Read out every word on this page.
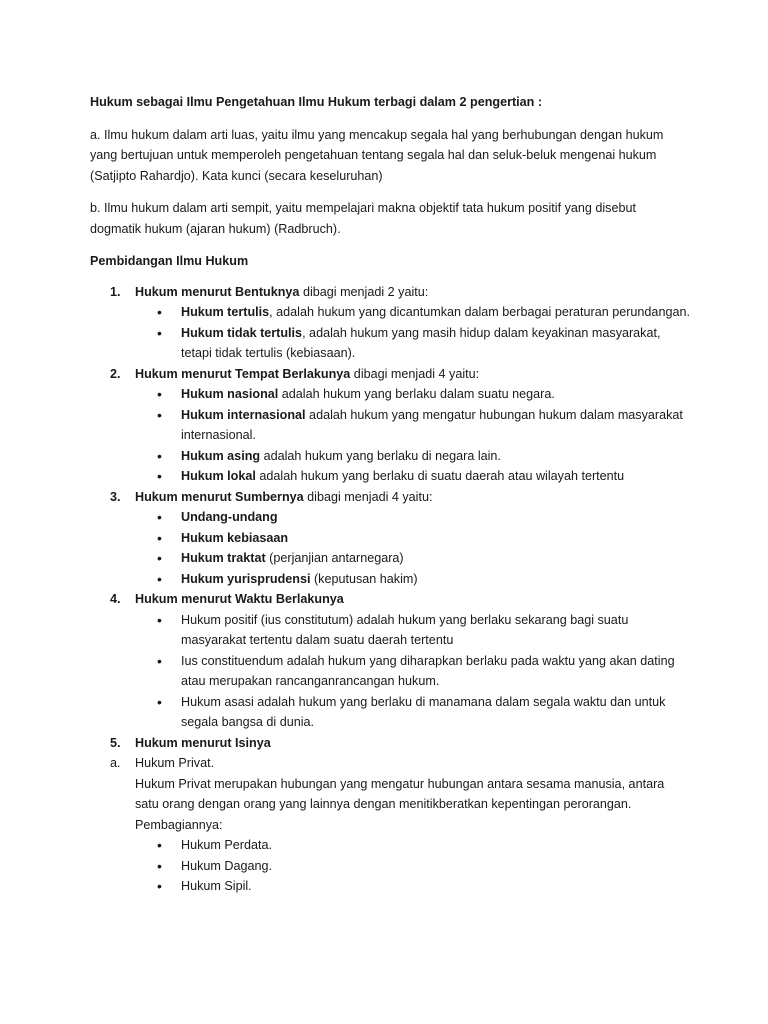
Hukum sebagai Ilmu Pengetahuan Ilmu Hukum terbagi dalam 2 pengertian :

a. Ilmu hukum dalam arti luas, yaitu ilmu yang mencakup segala hal yang berhubungan dengan hukum yang bertujuan untuk memperoleh pengetahuan tentang segala hal dan seluk-beluk mengenai hukum (Satjipto Rahardjo). Kata kunci (secara keseluruhan)

b. Ilmu hukum dalam arti sempit, yaitu mempelajari makna objektif tata hukum positif yang disebut dogmatik hukum (ajaran hukum) (Radbruch).

Pembidangan Ilmu Hukum

1. Hukum menurut Bentuknya dibagi menjadi 2 yaitu:
• Hukum tertulis, adalah hukum yang dicantumkan dalam berbagai peraturan perundangan.
• Hukum tidak tertulis, adalah hukum yang masih hidup dalam keyakinan masyarakat, tetapi tidak tertulis (kebiasaan).
2. Hukum menurut Tempat Berlakunya dibagi menjadi 4 yaitu:
• Hukum nasional adalah hukum yang berlaku dalam suatu negara.
• Hukum internasional adalah hukum yang mengatur hubungan hukum dalam masyarakat internasional.
• Hukum asing adalah hukum yang berlaku di negara lain.
• Hukum lokal adalah hukum yang berlaku di suatu daerah atau wilayah tertentu
3. Hukum menurut Sumbernya dibagi menjadi 4 yaitu:
• Undang-undang
• Hukum kebiasaan
• Hukum traktat (perjanjian antarnegara)
• Hukum yurisprudensi (keputusan hakim)
4. Hukum menurut Waktu Berlakunya
• Hukum positif (ius constitutum) adalah hukum yang berlaku sekarang bagi suatu masyarakat tertentu dalam suatu daerah tertentu
• Ius constituendum adalah hukum yang diharapkan berlaku pada waktu yang akan dating atau merupakan rancanganrancangan hukum.
• Hukum asasi adalah hukum yang berlaku di manamana dalam segala waktu dan untuk segala bangsa di dunia.
5. Hukum menurut Isinya
a. Hukum Privat.

Hukum Privat merupakan hubungan yang mengatur hubungan antara sesama manusia, antara satu orang dengan orang yang lainnya dengan menitikberatkan kepentingan perorangan.

Pembagiannya:

• Hukum Perdata.
• Hukum Dagang.
• Hukum Sipil.
